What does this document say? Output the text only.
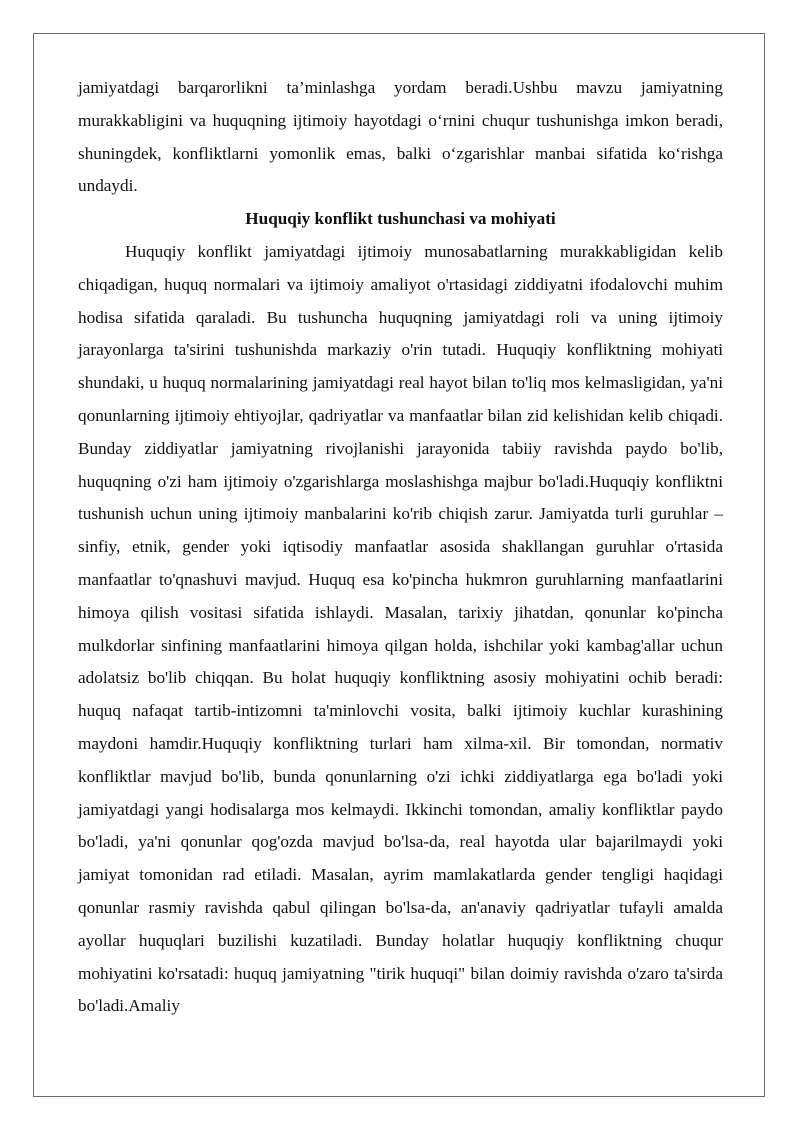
jamiyatdagi barqarorlikni ta’minlashga yordam beradi.Ushbu mavzu jamiyatning murakkabligini va huquqning ijtimoiy hayotdagi o‘rnini chuqur tushunishga imkon beradi, shuningdek, konfliktlarni yomonlik emas, balki o‘zgarishlar manbai sifatida ko‘rishga undaydi.

Huquqiy konflikt tushunchasi va mohiyati

Huquqiy konflikt jamiyatdagi ijtimoiy munosabatlarning murakkabligidan kelib chiqadigan, huquq normalari va ijtimoiy amaliyot o'rtasidagi ziddiyatni ifodalovchi muhim hodisa sifatida qaraladi. Bu tushuncha huquqning jamiyatdagi roli va uning ijtimoiy jarayonlarga ta'sirini tushunishda markaziy o'rin tutadi. Huquqiy konfliktning mohiyati shundaki, u huquq normalarining jamiyatdagi real hayot bilan to'liq mos kelmasligidan, ya'ni qonunlarning ijtimoiy ehtiyojlar, qadriyatlar va manfaatlar bilan zid kelishidan kelib chiqadi. Bunday ziddiyatlar jamiyatning rivojlanishi jarayonida tabiiy ravishda paydo bo'lib, huquqning o'zi ham ijtimoiy o'zgarishlarga moslashishga majbur bo'ladi.Huquqiy konfliktni tushunish uchun uning ijtimoiy manbalarini ko'rib chiqish zarur. Jamiyatda turli guruhlar – sinfiy, etnik, gender yoki iqtisodiy manfaatlar asosida shakllangan guruhlar o'rtasida manfaatlar to'qnashuvi mavjud. Huquq esa ko'pincha hukmron guruhlarning manfaatlarini himoya qilish vositasi sifatida ishlaydi. Masalan, tarixiy jihatdan, qonunlar ko'pincha mulkdorlar sinfining manfaatlarini himoya qilgan holda, ishchilar yoki kambag'allar uchun adolatsiz bo'lib chiqqan. Bu holat huquqiy konfliktning asosiy mohiyatini ochib beradi: huquq nafaqat tartib-intizomni ta'minlovchi vosita, balki ijtimoiy kuchlar kurashining maydoni hamdir.Huquqiy konfliktning turlari ham xilma-xil. Bir tomondan, normativ konfliktlar mavjud bo'lib, bunda qonunlarning o'zi ichki ziddiyatlarga ega bo'ladi yoki jamiyatdagi yangi hodisalarga mos kelmaydi. Ikkinchi tomondan, amaliy konfliktlar paydo bo'ladi, ya'ni qonunlar qog'ozda mavjud bo'lsa-da, real hayotda ular bajarilmaydi yoki jamiyat tomonidan rad etiladi. Masalan, ayrim mamlakatlarda gender tengligi haqidagi qonunlar rasmiy ravishda qabul qilingan bo'lsa-da, an'anaviy qadriyatlar tufayli amalda ayollar huquqlari buzilishi kuzatiladi. Bunday holatlar huquqiy konfliktning chuqur mohiyatini ko'rsatadi: huquq jamiyatning "tirik huquqi" bilan doimiy ravishda o'zaro ta'sirda bo'ladi.Amaliy
